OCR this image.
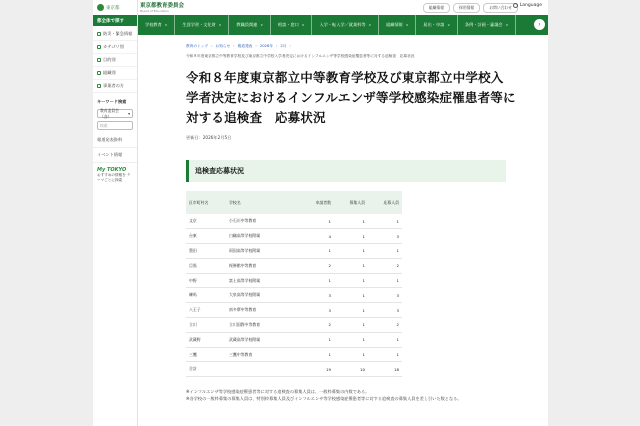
東京都
都全体で探す
防災・緊急情報
カテゴリ別
目的別
組織別
事業者の方
キーワード検索
教育委員会（各）	▾
検索
報道発表資料
イベント情報
My TOKYO
おすすめの情報を テーマごとに探索
東京都教育委員会
Board of Education
組織情報	採用情報	お問い合わせ	Language
学校教育 ∨	生涯学習・文化財 ∨	教職員関連 ∨	相談・窓口 ∨	入学・転入学／就業料等 ∨	組織情報 ∨	届出・申請 ∨	条例・計画・審議会 ∨	›
教育のトップ › お知らせ › 報道発表 › 2026年 › 2月 ›
令和８年度東京都立中等教育学校及び東京都立中学校入学者決定におけるインフルエンザ等学校感染症罹患者等に対する追検査　応募状況
令和８年度東京都立中等教育学校及び東京都立中学校入学者決定におけるインフルエンザ等学校感染症罹患者等に対する追検査　応募状況
更新日：2026年2月5日
追検査応募状況
区市町村名	学校名	申請者数	募集人員	応募人員
文京	小石川中等教育	1	1	1
台東	白鷗高等学校附属	4	1	3
墨田	両国高等学校附属	1	1	1
目黒	桜修館中等教育	2	1	2
中野	富士高等学校附属	1	1	1
練馬	大泉高等学校附属	3	1	3
八王子	南多摩中等教育	3	1	3
立川	立川国際中等教育	2	1	2
武蔵野	武蔵高等学校附属	1	1	1
三鷹	三鷹中等教育	1	1	1
合計		19	10	18

※インフルエンザ等学校感染症罹患者等に対する追検査の募集人員は、一般枠募集の内数である。

※各学校の一般枠募集の募集人員は、特別枠募集人員及びインフルエンザ等学校感染症罹患者等に対する追検査の募集人員を差し引いた数となる。
